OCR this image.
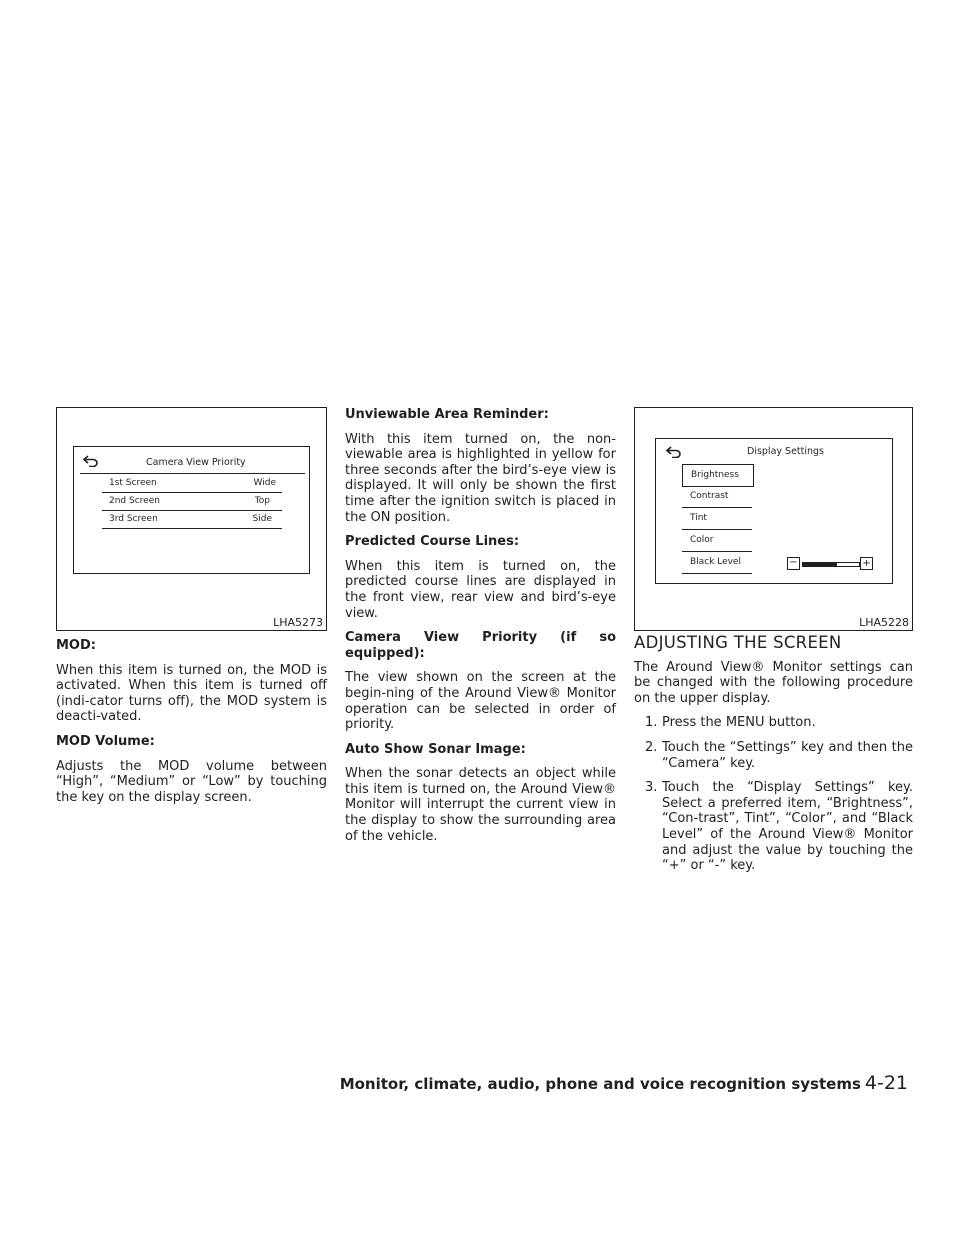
Camera View Priority
1st Screen	Wide
2nd Screen	Top
3rd Screen	Side
LHA5273
Display Settings
Brightness
Contrast
Tint
Color
Black Level	−	+
LHA5228

MOD:

When this item is turned on, the MOD is activated. When this item is turned off (indi-cator turns off), the MOD system is deacti-vated.

MOD Volume:

Adjusts the MOD volume between “High”, “Medium” or “Low” by touching the key on the display screen.

Unviewable Area Reminder:

With this item turned on, the non-viewable area is highlighted in yellow for three seconds after the bird’s-eye view is displayed. It will only be shown the first time after the ignition switch is placed in the ON position.

Predicted Course Lines:

When this item is turned on, the predicted course lines are displayed in the front view, rear view and bird’s-eye view.

Camera View Priority (if so equipped):

The view shown on the screen at the begin-ning of the Around View® Monitor operation can be selected in order of priority.

Auto Show Sonar Image:

When the sonar detects an object while this item is turned on, the Around View® Monitor will interrupt the current view in the display to show the surrounding area of the vehicle.

ADJUSTING THE SCREEN

The Around View® Monitor settings can be changed with the following procedure on the upper display.

1. Press the MENU button.
2. Touch the “Settings” key and then the “Camera” key.
3. Touch the “Display Settings” key. Select a preferred item, “Brightness”, “Con-trast”, Tint”, “Color”, and “Black Level” of the Around View® Monitor and adjust the value by touching the “+” or “-” key.
Monitor, climate, audio, phone and voice recognition systems 4-21
